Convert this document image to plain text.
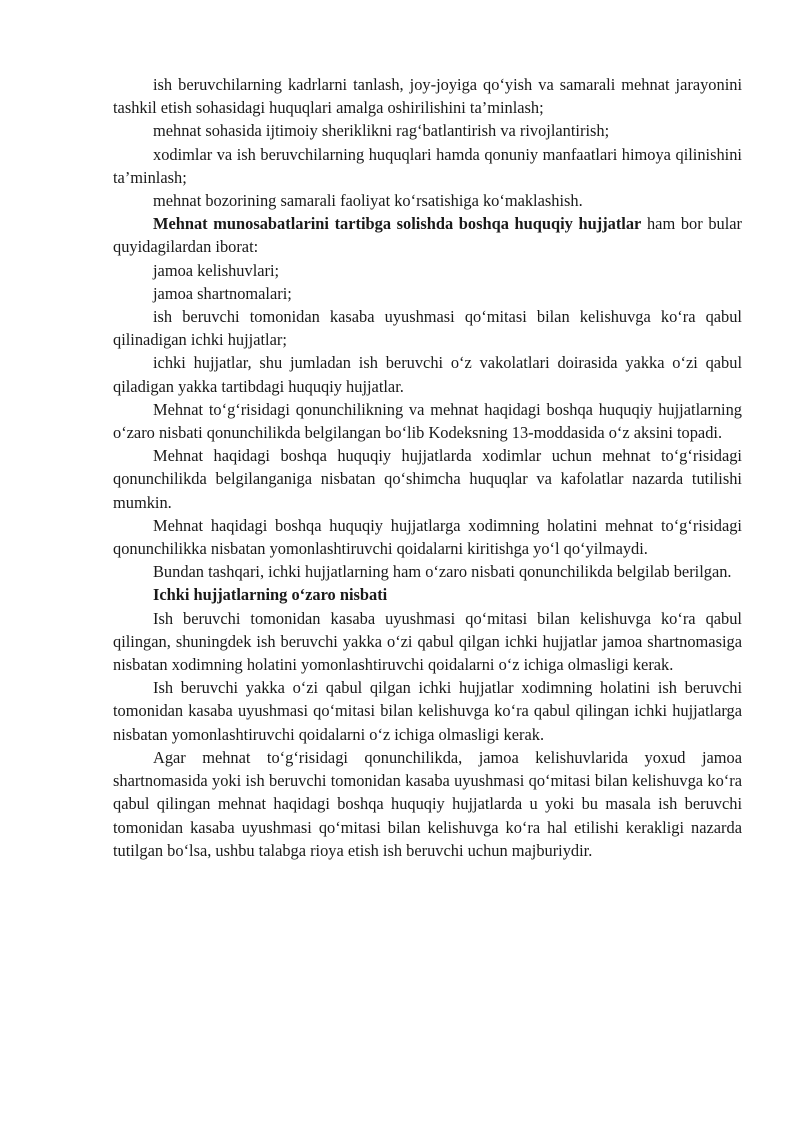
ish beruvchilarning kadrlarni tanlash, joy-joyiga qo‘yish va samarali mehnat jarayonini tashkil etish sohasidagi huquqlari amalga oshirilishini ta’minlash;

mehnat sohasida ijtimoiy sheriklikni rag‘batlantirish va rivojlantirish;

xodimlar va ish beruvchilarning huquqlari hamda qonuniy manfaatlari himoya qilinishini ta’minlash;

mehnat bozorining samarali faoliyat ko‘rsatishiga ko‘maklashish.

Mehnat munosabatlarini tartibga solishda boshqa huquqiy hujjatlar ham bor bular quyidagilardan iborat:

jamoa kelishuvlari;

jamoa shartnomalari;

ish beruvchi tomonidan kasaba uyushmasi qo‘mitasi bilan kelishuvga ko‘ra qabul qilinadigan ichki hujjatlar;

ichki hujjatlar, shu jumladan ish beruvchi o‘z vakolatlari doirasida yakka o‘zi qabul qiladigan yakka tartibdagi huquqiy hujjatlar.

Mehnat to‘g‘risidagi qonunchilikning va mehnat haqidagi boshqa huquqiy hujjatlarning o‘zaro nisbati qonunchilikda belgilangan bo‘lib Kodeksning 13-moddasida o‘z aksini topadi.

Mehnat haqidagi boshqa huquqiy hujjatlarda xodimlar uchun mehnat to‘g‘risidagi qonunchilikda belgilanganiga nisbatan qo‘shimcha huquqlar va kafolatlar nazarda tutilishi mumkin.

Mehnat haqidagi boshqa huquqiy hujjatlarga xodimning holatini mehnat to‘g‘risidagi qonunchilikka nisbatan yomonlashtiruvchi qoidalarni kiritishga yo‘l qo‘yilmaydi.

Bundan tashqari, ichki hujjatlarning ham o‘zaro nisbati qonunchilikda belgilab berilgan.

Ichki hujjatlarning o‘zaro nisbati

Ish beruvchi tomonidan kasaba uyushmasi qo‘mitasi bilan kelishuvga ko‘ra qabul qilingan, shuningdek ish beruvchi yakka o‘zi qabul qilgan ichki hujjatlar jamoa shartnomasiga nisbatan xodimning holatini yomonlashtiruvchi qoidalarni o‘z ichiga olmasligi kerak.

Ish beruvchi yakka o‘zi qabul qilgan ichki hujjatlar xodimning holatini ish beruvchi tomonidan kasaba uyushmasi qo‘mitasi bilan kelishuvga ko‘ra qabul qilingan ichki hujjatlarga nisbatan yomonlashtiruvchi qoidalarni o‘z ichiga olmasligi kerak.

Agar mehnat to‘g‘risidagi qonunchilikda, jamoa kelishuvlarida yoxud jamoa shartnomasida yoki ish beruvchi tomonidan kasaba uyushmasi qo‘mitasi bilan kelishuvga ko‘ra qabul qilingan mehnat haqidagi boshqa huquqiy hujjatlarda u yoki bu masala ish beruvchi tomonidan kasaba uyushmasi qo‘mitasi bilan kelishuvga ko‘ra hal etilishi kerakligi nazarda tutilgan bo‘lsa, ushbu talabga rioya etish ish beruvchi uchun majburiydir.
